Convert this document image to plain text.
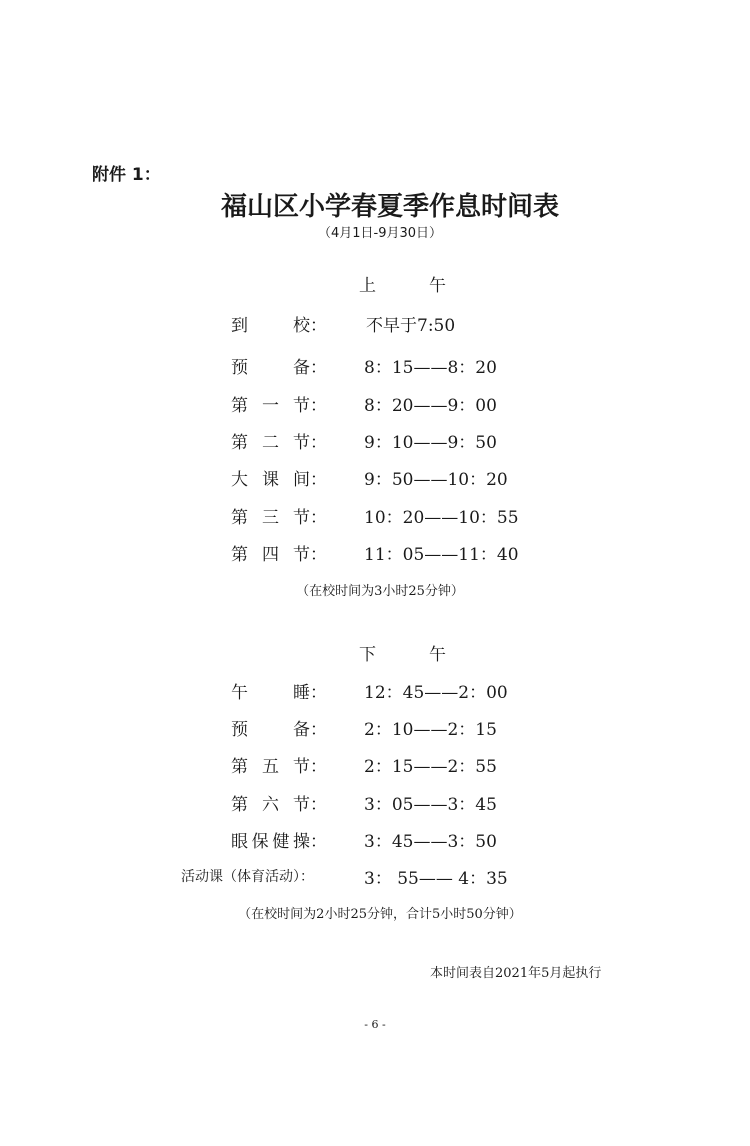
附件 1：
福山区小学春夏季作息时间表
（4月1日-9月30日）
上	午
到	校： 不早于7:50
预	备： 8：15——8：20
第 一 节： 8：20——9：00
第 二 节： 9：10——9：50
大 课 间： 9：50——10：20
第 三 节： 10：20——10：55
第 四 节： 11：05——11：40
（在校时间为3小时25分钟）
下	午
午	睡： 12：45——2：00
预	备： 2：10——2：15
第 五 节： 2：15——2：55
第 六 节： 3：05——3：45
眼 保 健 操： 3：45——3：50
活动课（体育活动）：	3： 55—— 4：35
（在校时间为2小时25分钟，合计5小时50分钟）
本时间表自2021年5月起执行
- 6 -
